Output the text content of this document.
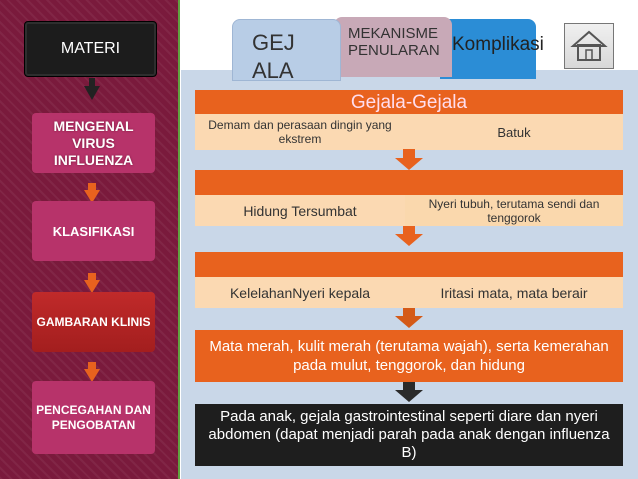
MATERI
MENGENAL VIRUS INFLUENZA
KLASIFIKASI
GAMBARAN KLINIS
PENCEGAHAN DAN PENGOBATAN
Komplikasi
MEKANISME PENULARAN
GEJ ALA
Gejala-Gejala
Demam dan perasaan dingin yang ekstrem	Batuk
Hidung Tersumbat	Nyeri tubuh, terutama sendi dan tenggorok
KelelahanNyeri kepala	Iritasi mata, mata berair
Mata merah, kulit merah (terutama wajah), serta kemerahan pada mulut, tenggorok, dan hidung
Pada anak, gejala gastrointestinal seperti diare dan nyeri abdomen (dapat menjadi parah pada anak dengan influenza B)
